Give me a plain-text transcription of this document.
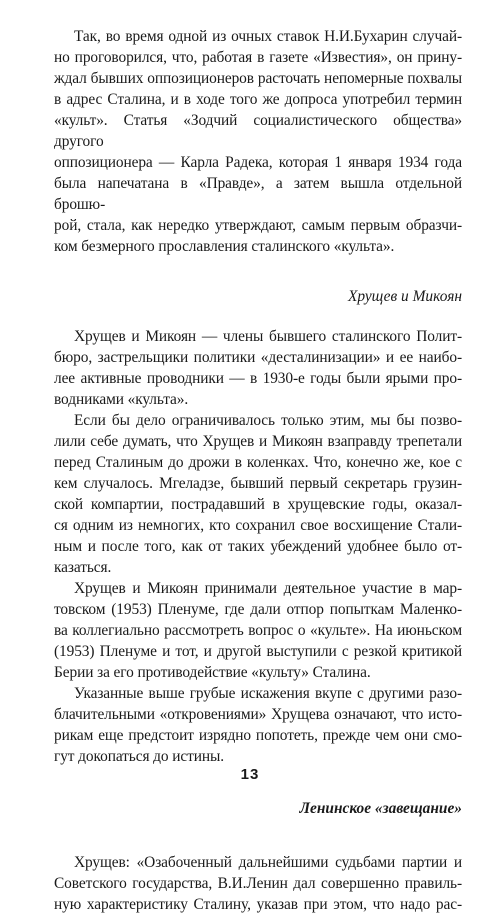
Так, во время одной из очных ставок Н.И.Бухарин случай-
но проговорился, что, работая в газете «Известия», он прину-
ждал бывших оппозиционеров расточать непомерные похвалы
в адрес Сталина, и в ходе того же допроса употребил термин
«культ». Статья «Зодчий социалистического общества» другого
оппозиционера — Карла Радека, которая 1 января 1934 года
была напечатана в «Правде», а затем вышла отдельной брошю-
рой, стала, как нередко утверждают, самым первым образчи-
ком безмерного прославления сталинского «культа».

Хрущев и Микоян

Хрущев и Микоян — члены бывшего сталинского Полит-
бюро, застрельщики политики «десталинизации» и ее наибо-
лее активные проводники — в 1930-е годы были ярыми про-
водниками «культа».
Если бы дело ограничивалось только этим, мы бы позво-
лили себе думать, что Хрущев и Микоян взаправду трепетали
перед Сталиным до дрожи в коленках. Что, конечно же, кое с
кем случалось. Мгеладзе, бывший первый секретарь грузин-
ской компартии, пострадавший в хрущевские годы, оказал-
ся одним из немногих, кто сохранил свое восхищение Стали-
ным и после того, как от таких убеждений удобнее было от-
казаться.
Хрущев и Микоян принимали деятельное участие в мар-
товском (1953) Пленуме, где дали отпор попыткам Маленко-
ва коллегиально рассмотреть вопрос о «культе». На июньском
(1953) Пленуме и тот, и другой выступили с резкой критикой
Берии за его противодействие «культу» Сталина.
Указанные выше грубые искажения вкупе с другими разо-
блачительными «откровениями» Хрущева означают, что исто-
рикам еще предстоит изрядно попотеть, прежде чем они смо-
гут докопаться до истины.

Ленинское «завещание»

Хрущев: «Озабоченный дальнейшими судьбами партии и
Советского государства, В.И.Ленин дал совершенно правиль-
ную характеристику Сталину, указав при этом, что надо рас-
13
